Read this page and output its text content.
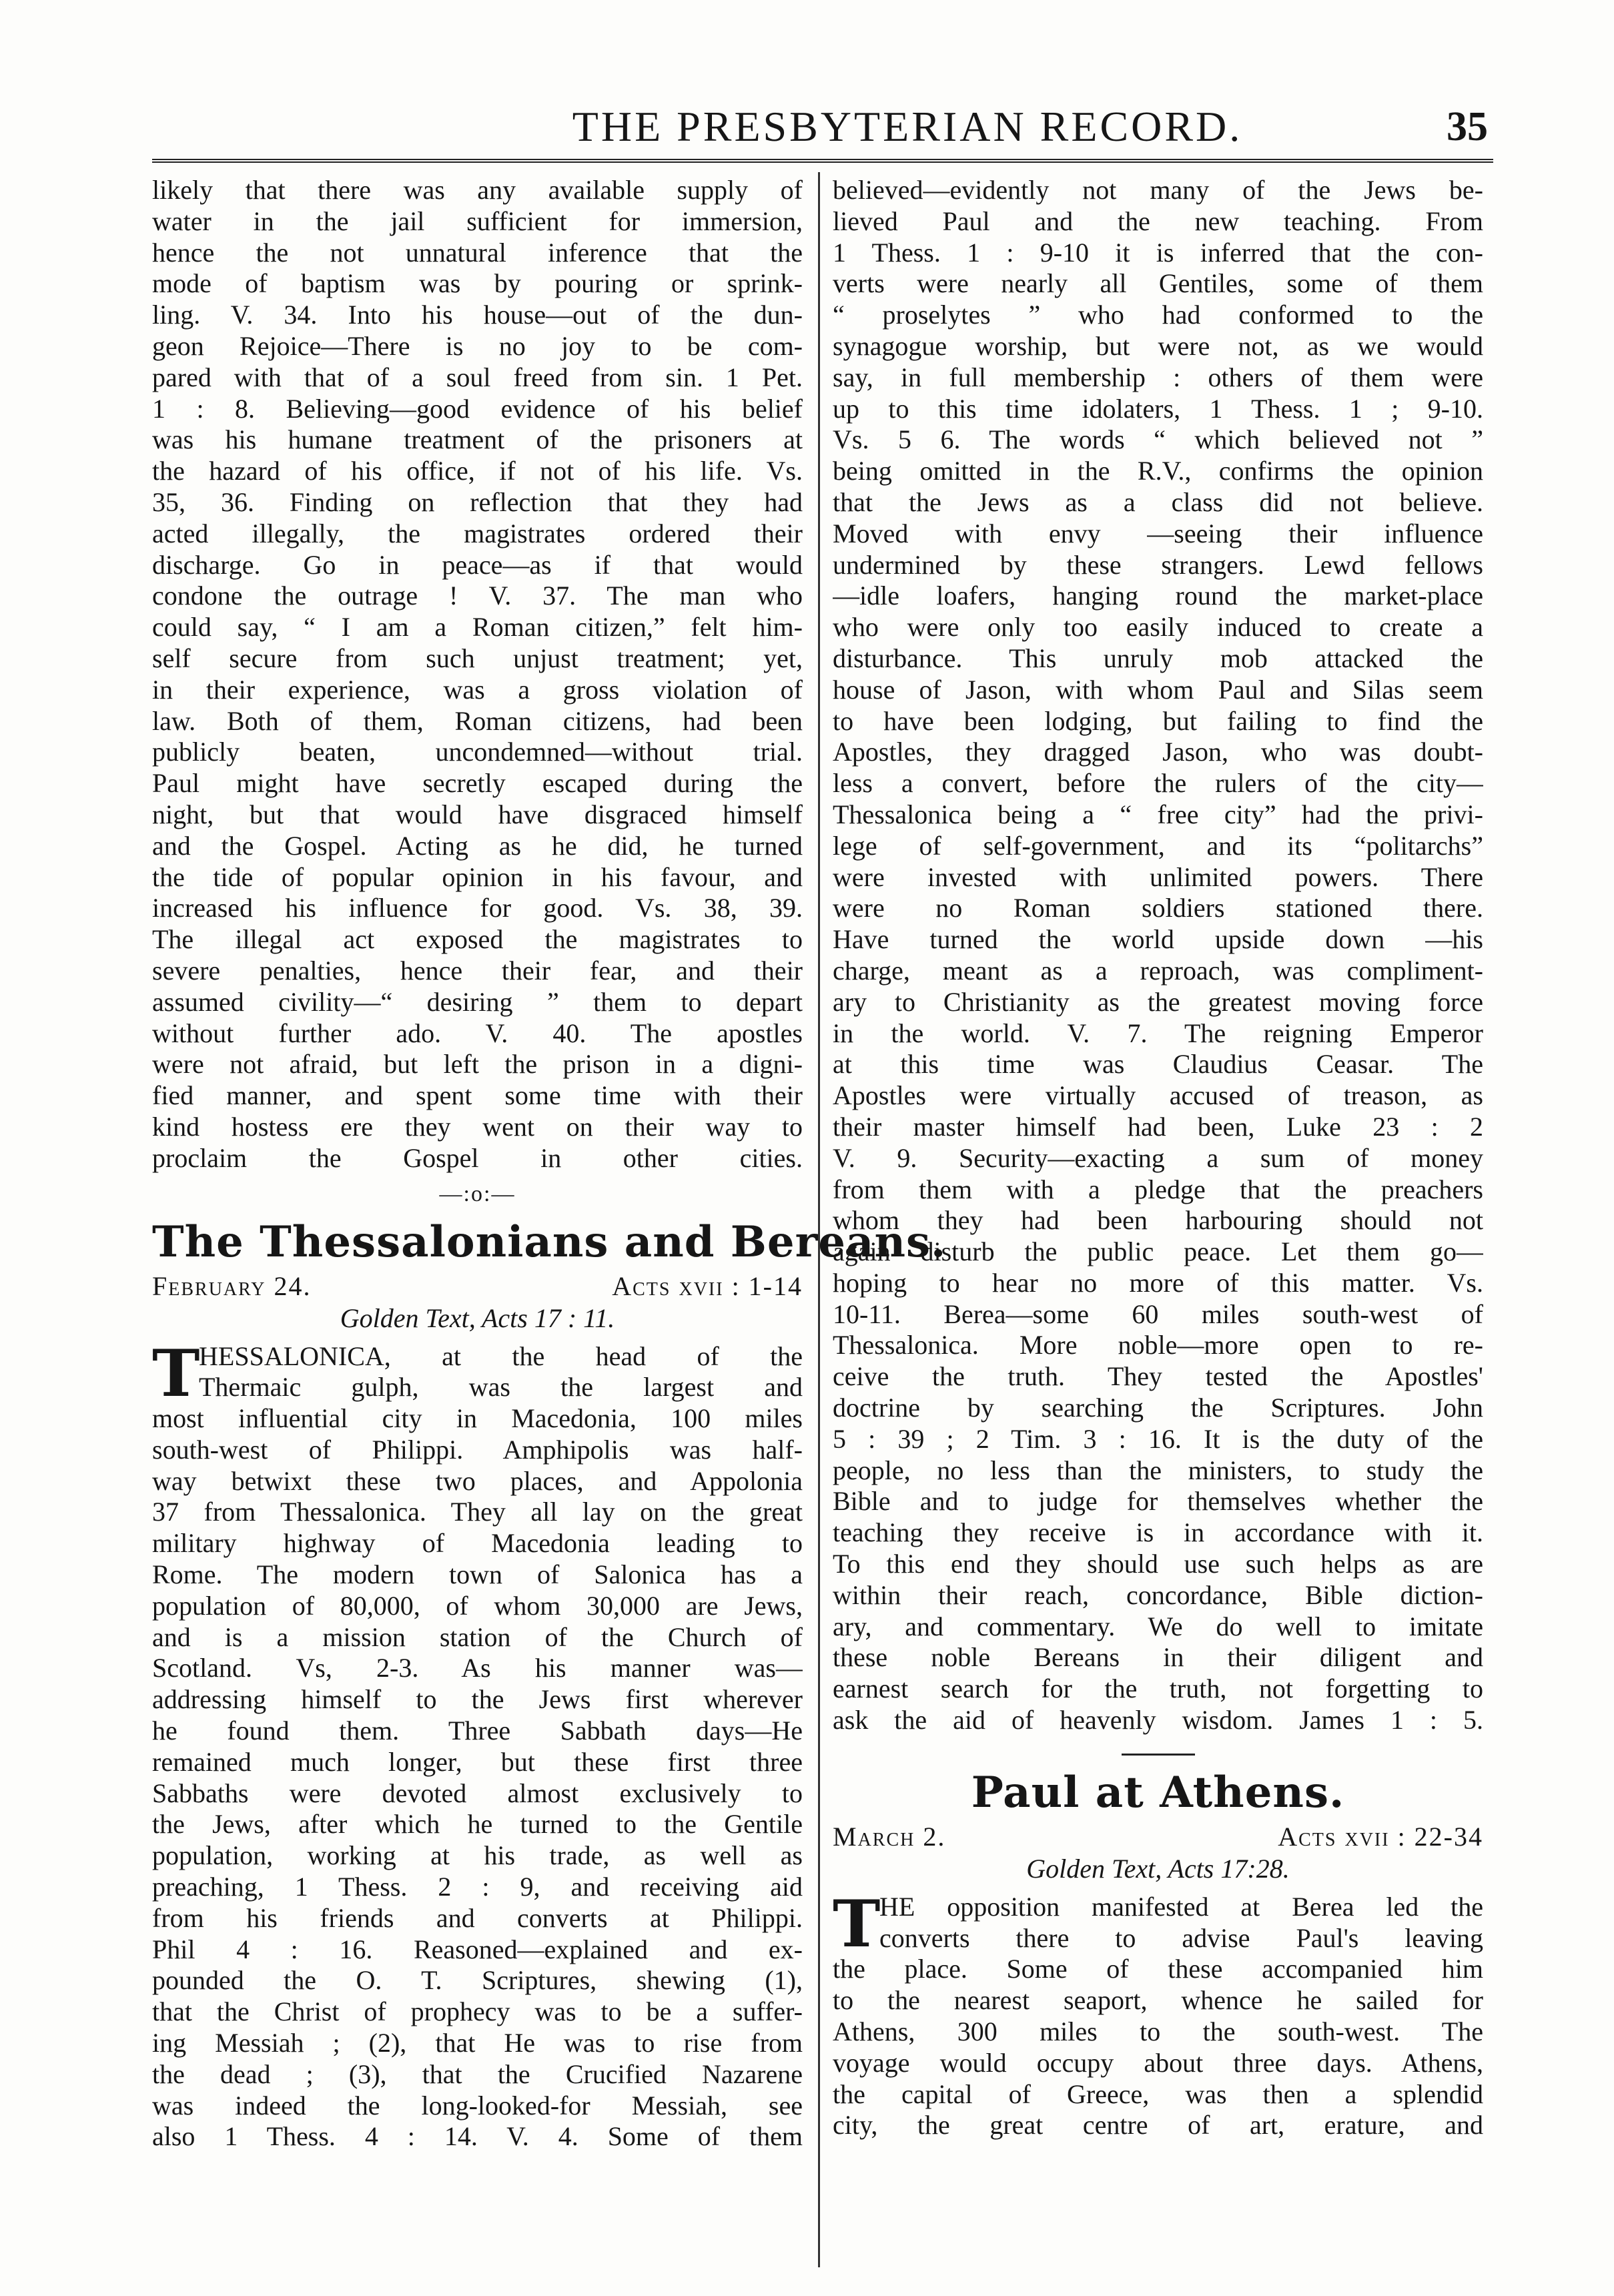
THE PRESBYTERIAN RECORD.	35
likely that there was any available supply of
water in the jail sufficient for immersion,
hence the not unnatural inference that the
mode of baptism was by pouring or sprink-
ling. V. 34. Into his house—out of the dun-
geon Rejoice—There is no joy to be com-
pared with that of a soul freed from sin. 1 Pet.
1 : 8. Believing—good evidence of his belief
was his humane treatment of the prisoners at
the hazard of his office, if not of his life. Vs.
35, 36. Finding on reflection that they had
acted illegally, the magistrates ordered their
discharge. Go in peace—as if that would
condone the outrage ! V. 37. The man who
could say, “ I am a Roman citizen,” felt him-
self secure from such unjust treatment; yet,
in their experience, was a gross violation of
law. Both of them, Roman citizens, had been
publicly beaten, uncondemned—without trial.
Paul might have secretly escaped during the
night, but that would have disgraced himself
and the Gospel. Acting as he did, he turned
the tide of popular opinion in his favour, and
increased his influence for good. Vs. 38, 39.
The illegal act exposed the magistrates to
severe penalties, hence their fear, and their
assumed civility—“ desiring ” them to depart
without further ado. V. 40. The apostles
were not afraid, but left the prison in a digni-
fied manner, and spent some time with their
kind hostess ere they went on their way to
proclaim the Gospel in other cities.
—:o:—
The Thessalonians and Bereans.
February 24.	Acts xvii : 1-14
Golden Text, Acts 17 : 11.
T
HESSALONICA, at the head of the
Thermaic gulph, was the largest and
most influential city in Macedonia, 100 miles
south-west of Philippi. Amphipolis was half-
way betwixt these two places, and Appolonia
37 from Thessalonica. They all lay on the great
military highway of Macedonia leading to
Rome. The modern town of Salonica has a
population of 80,000, of whom 30,000 are Jews,
and is a mission station of the Church of
Scotland. Vs, 2-3. As his manner was—
addressing himself to the Jews first wherever
he found them. Three Sabbath days—He
remained much longer, but these first three
Sabbaths were devoted almost exclusively to
the Jews, after which he turned to the Gentile
population, working at his trade, as well as
preaching, 1 Thess. 2 : 9, and receiving aid
from his friends and converts at Philippi.
Phil 4 : 16. Reasoned—explained and ex-
pounded the O. T. Scriptures, shewing (1),
that the Christ of prophecy was to be a suffer-
ing Messiah ; (2), that He was to rise from
the dead ; (3), that the Crucified Nazarene
was indeed the long-looked-for Messiah, see
also 1 Thess. 4 : 14. V. 4. Some of them
believed—evidently not many of the Jews be-
lieved Paul and the new teaching. From
1 Thess. 1 : 9-10 it is inferred that the con-
verts were nearly all Gentiles, some of them
“ proselytes ” who had conformed to the
synagogue worship, but were not, as we would
say, in full membership : others of them were
up to this time idolaters, 1 Thess. 1 ; 9-10.
Vs. 5 6. The words “ which believed not ”
being omitted in the R.V., confirms the opinion
that the Jews as a class did not believe.
Moved with envy —seeing their influence
undermined by these strangers. Lewd fellows
—idle loafers, hanging round the market-place
who were only too easily induced to create a
disturbance. This unruly mob attacked the
house of Jason, with whom Paul and Silas seem
to have been lodging, but failing to find the
Apostles, they dragged Jason, who was doubt-
less a convert, before the rulers of the city—
Thessalonica being a “ free city” had the privi-
lege of self-government, and its “politarchs”
were invested with unlimited powers. There
were no Roman soldiers stationed there.
Have turned the world upside down —his
charge, meant as a reproach, was compliment-
ary to Christianity as the greatest moving force
in the world. V. 7. The reigning Emperor
at this time was Claudius Ceasar. The
Apostles were virtually accused of treason, as
their master himself had been, Luke 23 : 2
V. 9. Security—exacting a sum of money
from them with a pledge that the preachers
whom they had been harbouring should not
again disturb the public peace. Let them go—
hoping to hear no more of this matter. Vs.
10-11. Berea—some 60 miles south-west of
Thessalonica. More noble—more open to re-
ceive the truth. They tested the Apostles'
doctrine by searching the Scriptures. John
5 : 39 ; 2 Tim. 3 : 16. It is the duty of the
people, no less than the ministers, to study the
Bible and to judge for themselves whether the
teaching they receive is in accordance with it.
To this end they should use such helps as are
within their reach, concordance, Bible diction-
ary, and commentary. We do well to imitate
these noble Bereans in their diligent and
earnest search for the truth, not forgetting to
ask the aid of heavenly wisdom. James 1 : 5.
Paul at Athens.
March 2.	Acts xvii : 22-34
Golden Text, Acts 17:28.
T
HE opposition manifested at Berea led the
converts there to advise Paul's leaving
the place. Some of these accompanied him
to the nearest seaport, whence he sailed for
Athens, 300 miles to the south-west. The
voyage would occupy about three days. Athens,
the capital of Greece, was then a splendid
city, the great centre of art, erature, and
